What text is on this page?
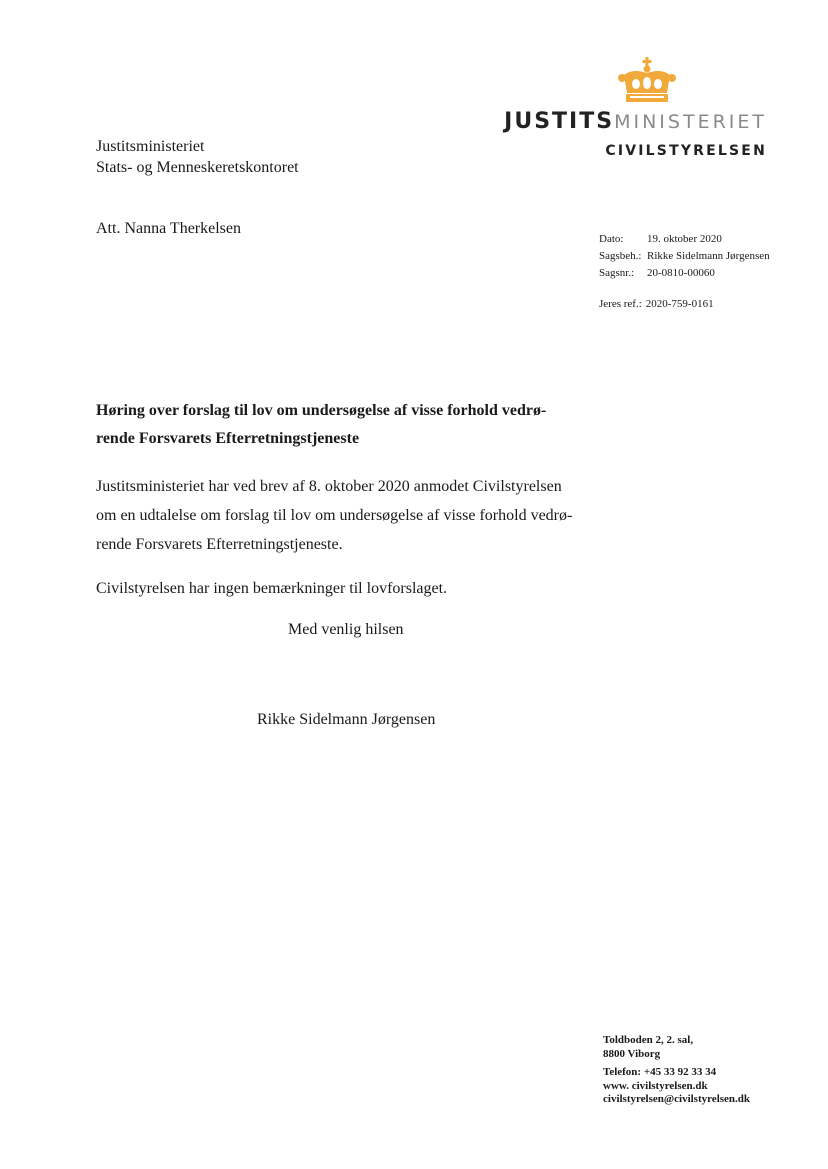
JUSTITSMINISTERIET
CIVILSTYRELSEN
Justitsministeriet
Stats- og Menneskeretskontoret
Att. Nanna Therkelsen
Dato: 19. oktober 2020
Sagsbeh.: Rikke Sidelmann Jørgensen
Sagsnr.: 20-0810-00060
Jeres ref.: 2020-759-0161
Høring over forslag til lov om undersøgelse af visse forhold vedrø-
rende Forsvarets Efterretningstjeneste
Justitsministeriet har ved brev af 8. oktober 2020 anmodet Civilstyrelsen
om en udtalelse om forslag til lov om undersøgelse af visse forhold vedrø-
rende Forsvarets Efterretningstjeneste.
Civilstyrelsen har ingen bemærkninger til lovforslaget.
Med venlig hilsen
Rikke Sidelmann Jørgensen
Toldboden 2, 2. sal,
8800 Viborg
Telefon: +45 33 92 33 34
www. civilstyrelsen.dk
civilstyrelsen@civilstyrelsen.dk
